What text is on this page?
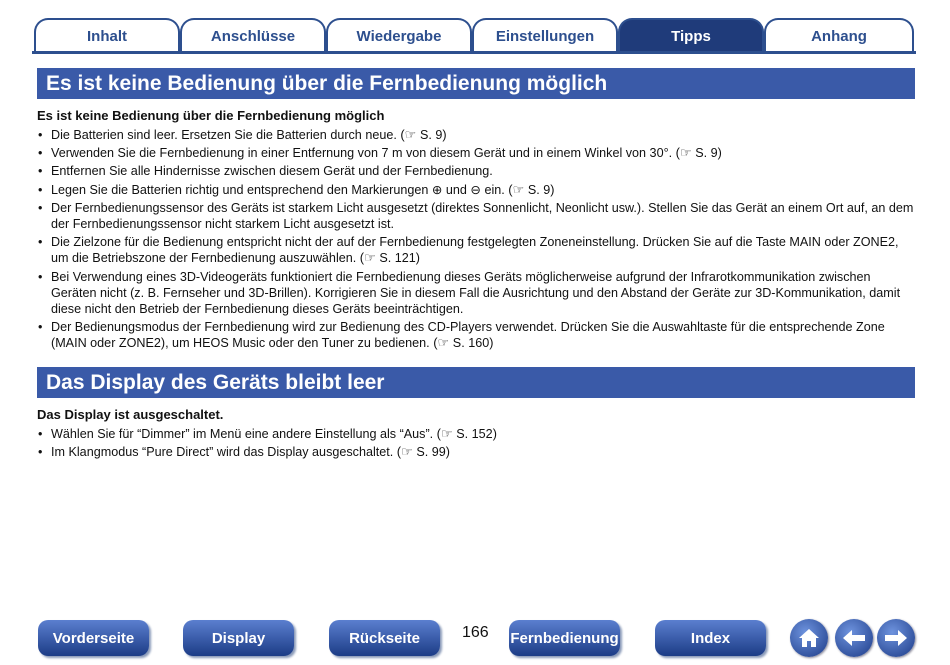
Inhalt	Anschlüsse	Wiedergabe	Einstellungen	Tipps	Anhang
Es ist keine Bedienung über die Fernbedienung möglich
Es ist keine Bedienung über die Fernbedienung möglich
• Die Batterien sind leer. Ersetzen Sie die Batterien durch neue. (☞ S. 9)
• Verwenden Sie die Fernbedienung in einer Entfernung von 7 m von diesem Gerät und in einem Winkel von 30°. (☞ S. 9)
• Entfernen Sie alle Hindernisse zwischen diesem Gerät und der Fernbedienung.
• Legen Sie die Batterien richtig und entsprechend den Markierungen ⊕ und ⊖ ein. (☞ S. 9)
• Der Fernbedienungssensor des Geräts ist starkem Licht ausgesetzt (direktes Sonnenlicht, Neonlicht usw.). Stellen Sie das Gerät an einem Ort auf, an dem der Fernbedienungssensor nicht starkem Licht ausgesetzt ist.
• Die Zielzone für die Bedienung entspricht nicht der auf der Fernbedienung festgelegten Zoneneinstellung. Drücken Sie auf die Taste MAIN oder ZONE2, um die Betriebszone der Fernbedienung auszuwählen. (☞ S. 121)
• Bei Verwendung eines 3D-Videogeräts funktioniert die Fernbedienung dieses Geräts möglicherweise aufgrund der Infrarotkommunikation zwischen Geräten nicht (z. B. Fernseher und 3D-Brillen). Korrigieren Sie in diesem Fall die Ausrichtung und den Abstand der Geräte zur 3D-Kommunikation, damit diese nicht den Betrieb der Fernbedienung dieses Geräts beeinträchtigen.
• Der Bedienungsmodus der Fernbedienung wird zur Bedienung des CD-Players verwendet. Drücken Sie die Auswahltaste für die entsprechende Zone (MAIN oder ZONE2), um HEOS Music oder den Tuner zu bedienen. (☞ S. 160)
Das Display des Geräts bleibt leer
Das Display ist ausgeschaltet.
• Wählen Sie für “Dimmer” im Menü eine andere Einstellung als “Aus”. (☞ S. 152)
• Im Klangmodus “Pure Direct” wird das Display ausgeschaltet. (☞ S. 99)
Vorderseite	Display	Rückseite	166 Fernbedienung	Index
